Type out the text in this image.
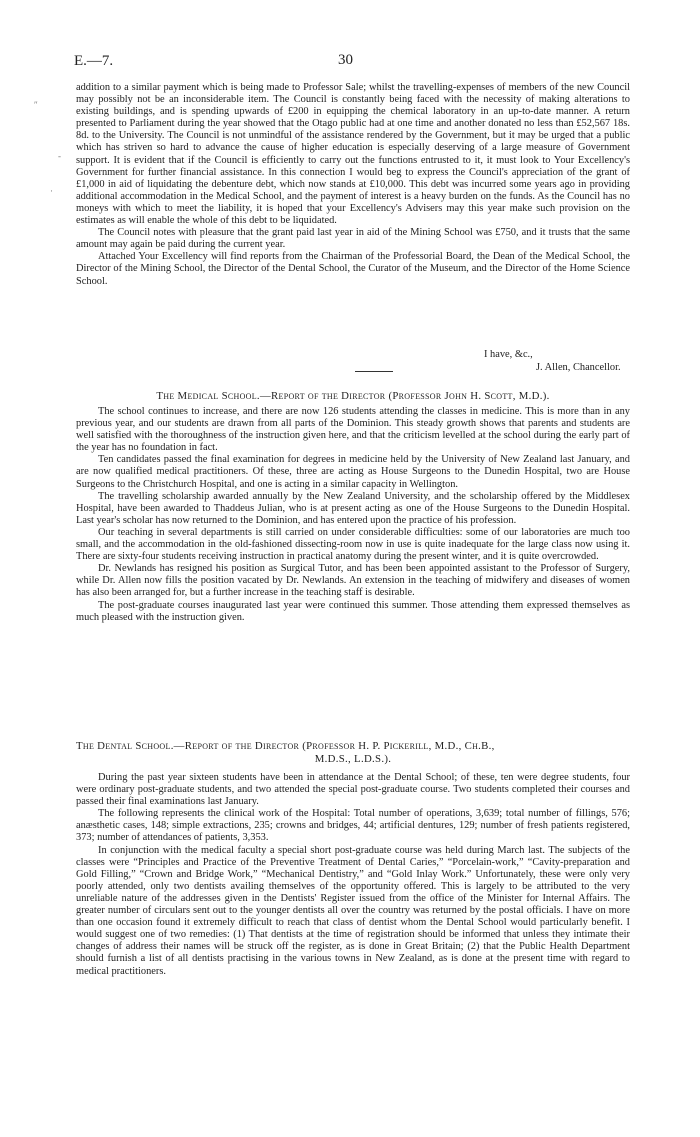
E.—7.	30
″
-
·

addition to a similar payment which is being made to Professor Sale; whilst the travelling-expenses of members of the new Council may possibly not be an inconsiderable item. The Council is constantly being faced with the necessity of making alterations to existing buildings, and is spending upwards of £200 in equipping the chemical laboratory in an up-to-date manner. A return presented to Parliament during the year showed that the Otago public had at one time and another donated no less than £52,567 18s. 8d. to the University. The Council is not unmindful of the assistance rendered by the Government, but it may be urged that a public which has striven so hard to advance the cause of higher education is especially deserving of a large measure of Government support. It is evident that if the Council is efficiently to carry out the functions entrusted to it, it must look to Your Excellency's Government for further financial assistance. In this connection I would beg to express the Council's appreciation of the grant of £1,000 in aid of liquidating the debenture debt, which now stands at £10,000. This debt was incurred some years ago in providing additional accommodation in the Medical School, and the payment of interest is a heavy burden on the funds. As the Council has no moneys with which to meet the liability, it is hoped that your Excellency's Advisers may this year make such provision on the estimates as will enable the whole of this debt to be liquidated.

The Council notes with pleasure that the grant paid last year in aid of the Mining School was £750, and it trusts that the same amount may again be paid during the current year.

Attached Your Excellency will find reports from the Chairman of the Professorial Board, the Dean of the Medical School, the Director of the Mining School, the Director of the Dental School, the Curator of the Museum, and the Director of the Home Science School.

I have, &c.,
J. Allen, Chancellor.
The Medical School.—Report of the Director (Professor John H. Scott, M.D.).

The school continues to increase, and there are now 126 students attending the classes in medicine. This is more than in any previous year, and our students are drawn from all parts of the Dominion. This steady growth shows that parents and students are well satisfied with the thoroughness of the instruction given here, and that the criticism levelled at the school during the early part of the year has no foundation in fact.

Ten candidates passed the final examination for degrees in medicine held by the University of New Zealand last January, and are now qualified medical practitioners. Of these, three are acting as House Surgeons to the Dunedin Hospital, two are House Surgeons to the Christchurch Hospital, and one is acting in a similar capacity in Wellington.

The travelling scholarship awarded annually by the New Zealand University, and the scholarship offered by the Middlesex Hospital, have been awarded to Thaddeus Julian, who is at present acting as one of the House Surgeons to the Dunedin Hospital. Last year's scholar has now returned to the Dominion, and has entered upon the practice of his profession.

Our teaching in several departments is still carried on under considerable difficulties: some of our laboratories are much too small, and the accommodation in the old-fashioned dissecting-room now in use is quite inadequate for the large class now using it. There are sixty-four students receiving instruction in practical anatomy during the present winter, and it is quite overcrowded.

Dr. Newlands has resigned his position as Surgical Tutor, and has been been appointed assistant to the Professor of Surgery, while Dr. Allen now fills the position vacated by Dr. Newlands. An extension in the teaching of midwifery and diseases of women has also been arranged for, but a further increase in the teaching staff is desirable.

The post-graduate courses inaugurated last year were continued this summer. Those attending them expressed themselves as much pleased with the instruction given.

The Dental School.—Report of the Director (Professor H. P. Pickerill, M.D., Ch.B.,
M.D.S., L.D.S.).

During the past year sixteen students have been in attendance at the Dental School; of these, ten were degree students, four were ordinary post-graduate students, and two attended the special post-graduate course. Two students completed their courses and passed their final examinations last January.

The following represents the clinical work of the Hospital: Total number of operations, 3,639; total number of fillings, 576; anæsthetic cases, 148; simple extractions, 235; crowns and bridges, 44; artificial dentures, 129; number of fresh patients registered, 373; number of attendances of patients, 3,353.

In conjunction with the medical faculty a special short post-graduate course was held during March last. The subjects of the classes were “Principles and Practice of the Preventive Treatment of Dental Caries,” “Porcelain-work,” “Cavity-preparation and Gold Filling,” “Crown and Bridge Work,” “Mechanical Dentistry,” and “Gold Inlay Work.” Unfortunately, these were only very poorly attended, only two dentists availing themselves of the opportunity offered. This is largely to be attributed to the very unreliable nature of the addresses given in the Dentists' Register issued from the office of the Minister for Internal Affairs. The greater number of circulars sent out to the younger dentists all over the country was returned by the postal officials. I have on more than one occasion found it extremely difficult to reach that class of dentist whom the Dental School would particularly benefit. I would suggest one of two remedies: (1) That dentists at the time of registration should be informed that unless they intimate their changes of address their names will be struck off the register, as is done in Great Britain; (2) that the Public Health Department should furnish a list of all dentists practising in the various towns in New Zealand, as is done at the present time with regard to medical practitioners.
